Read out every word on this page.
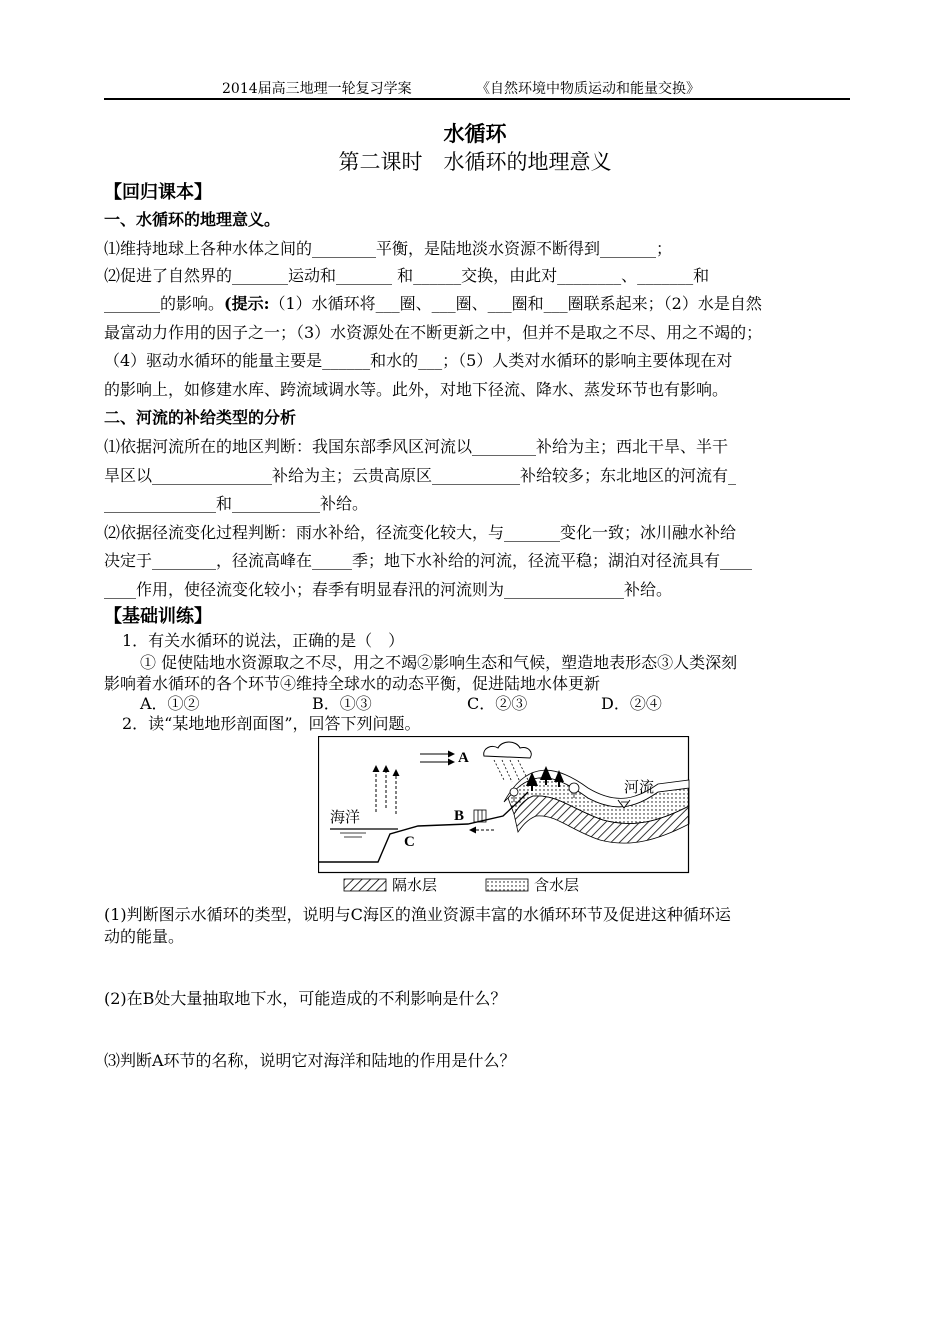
2014届高三地理一轮复习学案	《自然环境中物质运动和能量交换》
水循环
第二课时　水循环的地理意义
【回归课本】
一、水循环的地理意义。
⑴维持地球上各种水体之间的________平衡，是陆地淡水资源不断得到_______；
⑵促进了自然界的_______运动和_______ 和______交换，由此对________、_______和
_______的影响。(提示:（1）水循环将___圈、___圈、___圈和___圈联系起来；（2）水是自然
最富动力作用的因子之一；（3）水资源处在不断更新之中，但并不是取之不尽、用之不竭的；
（4）驱动水循环的能量主要是______和水的___；（5）人类对水循环的影响主要体现在对
的影响上，如修建水库、跨流域调水等。此外，对地下径流、降水、蒸发环节也有影响。
二、河流的补给类型的分析
⑴依据河流所在的地区判断：我国东部季风区河流以________补给为主；西北干旱、半干
旱区以_______________补给为主；云贵高原区___________补给较多；东北地区的河流有_
______________和___________补给。
⑵依据径流变化过程判断：雨水补给，径流变化较大，与_______变化一致；冰川融水补给
决定于________，径流高峰在_____季；地下水补给的河流，径流平稳；湖泊对径流具有____
____作用，使径流变化较小；春季有明显春汛的河流则为_______________补给。
【基础训练】
1．有关水循环的说法，正确的是（　）
① 促使陆地水资源取之不尽，用之不竭②影响生态和气候，塑造地表形态③人类深刻
影响着水循环的各个环节④维持全球水的动态平衡，促进陆地水体更新
A．①②	B．①③	C．②③	D．②④
2．读“某地地形剖面图”，回答下列问题。
A
B
C
海洋
河流
隔水层	含水层
(1)判断图示水循环的类型，说明与C海区的渔业资源丰富的水循环环节及促进这种循环运
动的能量。
(2)在B处大量抽取地下水，可能造成的不利影响是什么？
⑶判断A环节的名称，说明它对海洋和陆地的作用是什么？
